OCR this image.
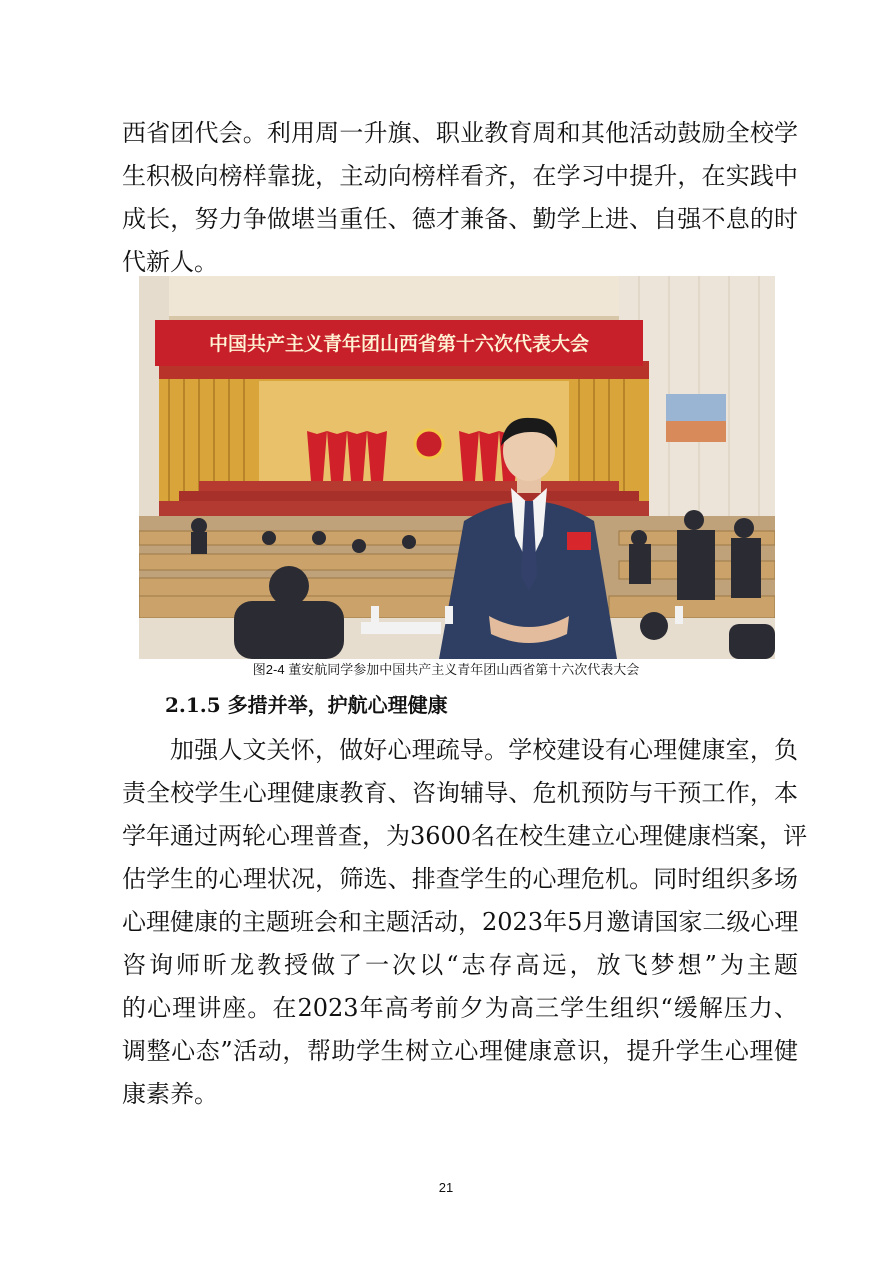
西省团代会。利用周一升旗、职业教育周和其他活动鼓励全校学
生积极向榜样靠拢，主动向榜样看齐，在学习中提升，在实践中
成长，努力争做堪当重任、德才兼备、勤学上进、自强不息的时
代新人。
中国共产主义青年团山西省第十六次代表大会
图2-4 董安航同学参加中国共产主义青年团山西省第十六次代表大会
2.1.5 多措并举，护航心理健康
加强人文关怀，做好心理疏导。学校建设有心理健康室，负
责全校学生心理健康教育、咨询辅导、危机预防与干预工作，本
学年通过两轮心理普查，为3600名在校生建立心理健康档案，评
估学生的心理状况，筛选、排查学生的心理危机。同时组织多场
心理健康的主题班会和主题活动，2023年5月邀请国家二级心理
咨询师昕龙教授做了一次以“志存高远，放飞梦想”为主题
的心理讲座。在2023年高考前夕为高三学生组织“缓解压力、
调整心态”活动，帮助学生树立心理健康意识，提升学生心理健
康素养。
21
